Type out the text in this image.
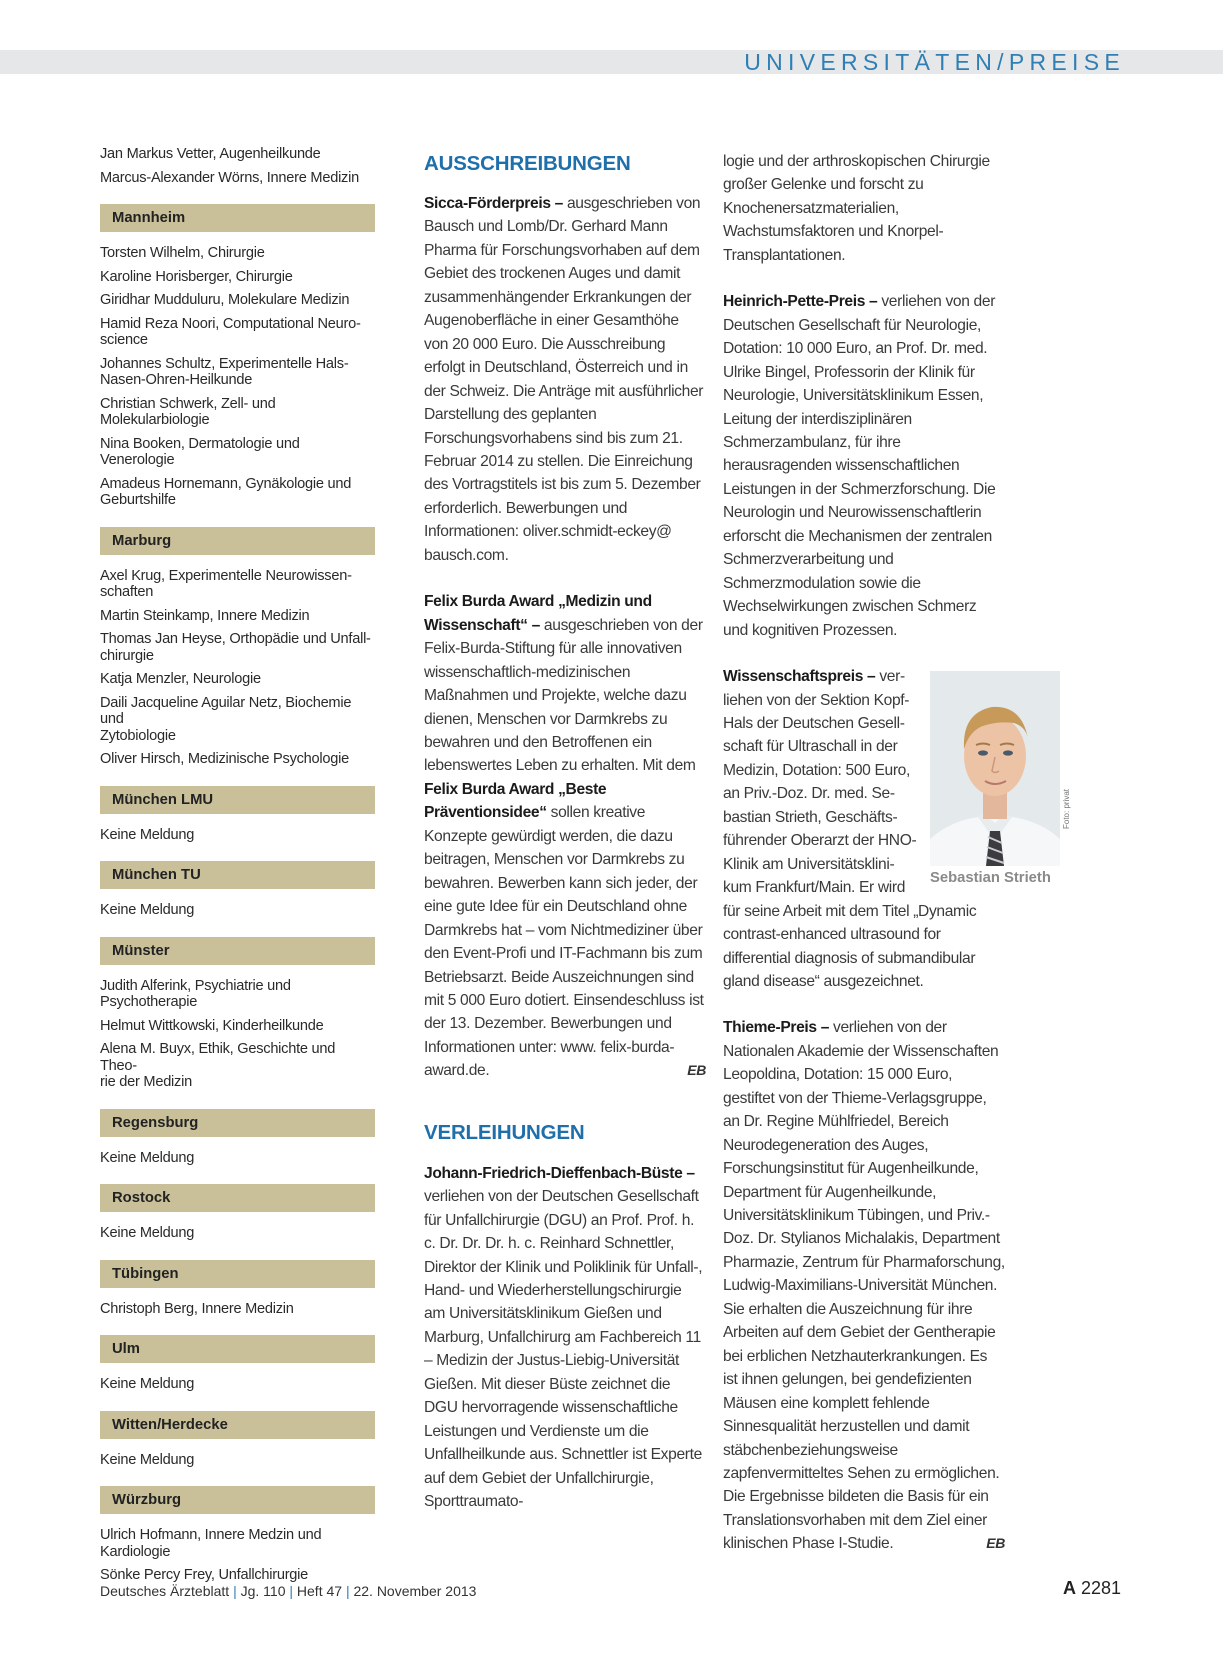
UNIVERSITÄTEN/PREISE
Jan Markus Vetter, Augenheilkunde
Marcus-Alexander Wörns, Innere Medizin
Mannheim
Torsten Wilhelm, Chirurgie
Karoline Horisberger, Chirurgie
Giridhar Mudduluru, Molekulare Medizin
Hamid Reza Noori, Computational Neuro-
science
Johannes Schultz, Experimentelle Hals-
Nasen-Ohren-Heilkunde
Christian Schwerk, Zell- und Molekularbiologie
Nina Booken, Dermatologie und Venerologie
Amadeus Hornemann, Gynäkologie und
Geburtshilfe
Marburg
Axel Krug, Experimentelle Neurowissen-
schaften
Martin Steinkamp, Innere Medizin
Thomas Jan Heyse, Orthopädie und Unfall-
chirurgie
Katja Menzler, Neurologie
Daili Jacqueline Aguilar Netz, Biochemie und
Zytobiologie
Oliver Hirsch, Medizinische Psychologie
München LMU
Keine Meldung
München TU
Keine Meldung
Münster
Judith Alferink, Psychiatrie und Psychotherapie
Helmut Wittkowski, Kinderheilkunde
Alena M. Buyx, Ethik, Geschichte und Theo-
rie der Medizin
Regensburg
Keine Meldung
Rostock
Keine Meldung
Tübingen
Christoph Berg, Innere Medizin
Ulm
Keine Meldung
Witten/Herdecke
Keine Meldung
Würzburg
Ulrich Hofmann, Innere Medzin und Kardiologie
Sönke Percy Frey, Unfallchirurgie
AUSSCHREIBUNGEN

Sicca-Förderpreis – ausgeschrieben von Bausch und Lomb/Dr. Gerhard Mann Pharma für Forschungsvorhaben auf dem Gebiet des trockenen Auges und damit zusammenhängender Erkrankungen der Augenoberfläche in einer Gesamthöhe von 20 000 Euro. Die Ausschreibung erfolgt in Deutschland, Österreich und in der Schweiz. Die Anträge mit ausführlicher Darstellung des geplanten Forschungsvorhabens sind bis zum 21. Februar 2014 zu stellen. Die Einreichung des Vortragstitels ist bis zum 5. Dezember erforderlich. Bewerbungen und Informationen: oliver.schmidt-eckey@ bausch.com.

Felix Burda Award „Medizin und Wissenschaft“ – ausgeschrieben von der Felix-Burda-Stiftung für alle innovativen wissenschaftlich-medizinischen Maßnahmen und Projekte, welche dazu dienen, Menschen vor Darmkrebs zu bewahren und den Betroffenen ein lebenswertes Leben zu erhalten. Mit dem Felix Burda Award „Beste Präventionsidee“ sollen kreative Konzepte gewürdigt werden, die dazu beitragen, Menschen vor Darmkrebs zu bewahren. Bewerben kann sich jeder, der eine gute Idee für ein Deutschland ohne Darmkrebs hat – vom Nichtmediziner über den Event-Profi und IT-Fachmann bis zum Betriebsarzt. Beide Auszeichnungen sind mit 5 000 Euro dotiert. Einsendeschluss ist der 13. Dezember. Bewerbungen und Informationen unter: www. felix-burda-award.de.	EB

VERLEIHUNGEN

Johann-Friedrich-Dieffenbach-Büste – verliehen von der Deutschen Gesellschaft für Unfallchirurgie (DGU) an Prof. Prof. h. c. Dr. Dr. Dr. h. c. Reinhard Schnettler, Direktor der Klinik und Poliklinik für Unfall-, Hand- und Wiederherstellungschirurgie am Universitätsklinikum Gießen und Marburg, Unfallchirurg am Fachbereich 11 – Medizin der Justus-Liebig-Universität Gießen. Mit dieser Büste zeichnet die DGU hervorragende wissenschaftliche Leistungen und Verdienste um die Unfallheilkunde aus. Schnettler ist Experte auf dem Gebiet der Unfallchirurgie, Sporttraumato-

logie und der arthroskopischen Chirurgie großer Gelenke und forscht zu Knochenersatzmaterialien, Wachstumsfaktoren und Knorpel-Transplantationen.

Heinrich-Pette-Preis – verliehen von der Deutschen Gesellschaft für Neurologie, Dotation: 10 000 Euro, an Prof. Dr. med. Ulrike Bingel, Professorin der Klinik für Neurologie, Universitätsklinikum Essen, Leitung der interdisziplinären Schmerzambulanz, für ihre herausragenden wissenschaftlichen Leistungen in der Schmerzforschung. Die Neurologin und Neurowissenschaftlerin erforscht die Mechanismen der zentralen Schmerzverarbeitung und Schmerzmodulation sowie die Wechselwirkungen zwischen Schmerz und kognitiven Prozessen.

Wissenschaftspreis – ver-
liehen von der Sektion Kopf-
Hals der Deutschen Gesell-
schaft für Ultraschall in der
Medizin, Dotation: 500 Euro,
an Priv.-Doz. Dr. med. Se-
bastian Strieth, Geschäfts-
führender Oberarzt der HNO-
Klinik am Universitätsklini-
kum Frankfurt/Main. Er wird
für seine Arbeit mit dem Titel „Dynamic contrast-enhanced ultrasound for differential diagnosis of submandibular gland disease“ ausgezeichnet.

Thieme-Preis – verliehen von der Nationalen Akademie der Wissenschaften Leopoldina, Dotation: 15 000 Euro, gestiftet von der Thieme-Verlagsgruppe, an Dr. Regine Mühlfriedel, Bereich Neurodegeneration des Auges, Forschungsinstitut für Augenheilkunde, Department für Augenheilkunde, Universitätsklinikum Tübingen, und Priv.-Doz. Dr. Stylianos Michalakis, Department Pharmazie, Zentrum für Pharmaforschung, Ludwig-Maximilians-Universität München. Sie erhalten die Auszeichnung für ihre Arbeiten auf dem Gebiet der Gentherapie bei erblichen Netzhauterkrankungen. Es ist ihnen gelungen, bei gendefizienten Mäusen eine komplett fehlende Sinnesqualität herzustellen und damit stäbchenbeziehungsweise zapfenvermitteltes Sehen zu ermöglichen. Die Ergebnisse bildeten die Basis für ein Translationsvorhaben mit dem Ziel einer klinischen Phase I-Studie.	EB

Foto: privat
Sebastian Strieth
Deutsches Ärzteblatt | Jg. 110 | Heft 47 | 22. November 2013	A 2281
